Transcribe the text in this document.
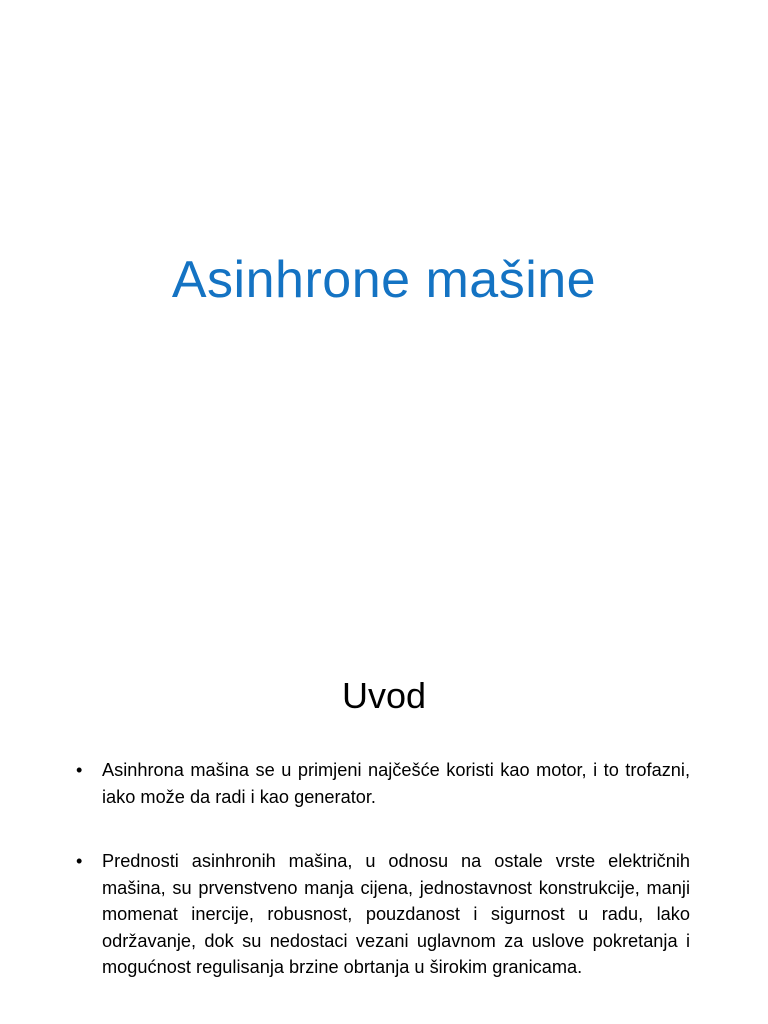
Asinhrone mašine
Uvod
•	Asinhrona mašina se u primjeni najčešće koristi kao motor, i to trofazni, iako može da radi i kao generator.
•	Prednosti asinhronih mašina, u odnosu na ostale vrste električnih mašina, su prvenstveno manja cijena, jednostavnost konstrukcije, manji momenat inercije, robusnost, pouzdanost i sigurnost u radu, lako održavanje, dok su nedostaci vezani uglavnom za uslove pokretanja i mogućnost regulisanja brzine obrtanja u širokim granicama.
